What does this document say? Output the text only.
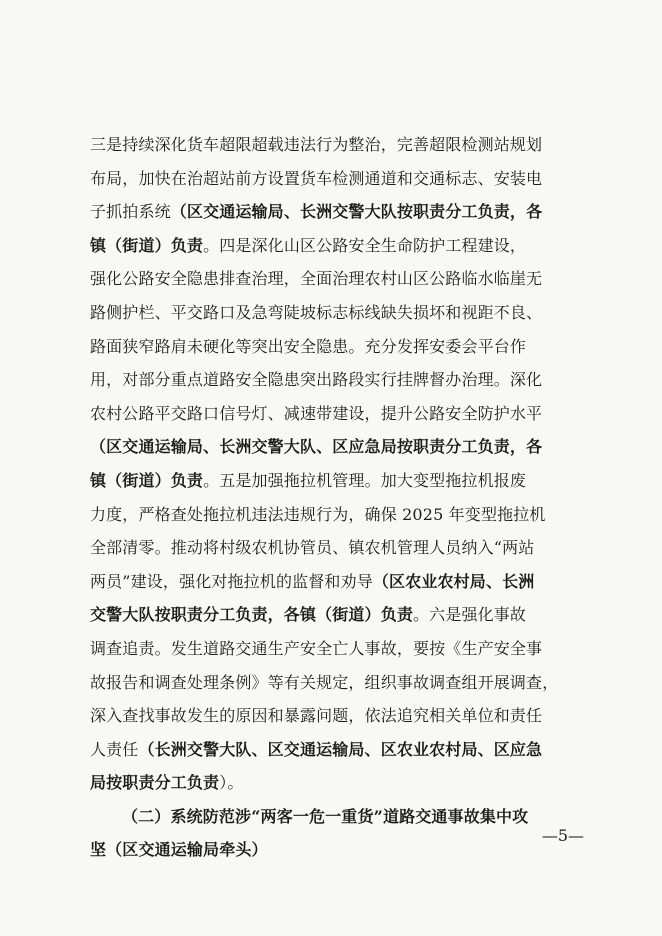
三是持续深化货车超限超载违法行为整治，完善超限检测站规划
布局，加快在治超站前方设置货车检测通道和交通标志、安装电
子抓拍系统（区交通运输局、长洲交警大队按职责分工负责，各
镇（街道）负责。四是深化山区公路安全生命防护工程建设，
强化公路安全隐患排查治理，全面治理农村山区公路临水临崖无
路侧护栏、平交路口及急弯陡坡标志标线缺失损坏和视距不良、
路面狭窄路肩未硬化等突出安全隐患。充分发挥安委会平台作
用，对部分重点道路安全隐患突出路段实行挂牌督办治理。深化
农村公路平交路口信号灯、减速带建设，提升公路安全防护水平
（区交通运输局、长洲交警大队、区应急局按职责分工负责，各
镇（街道）负责。五是加强拖拉机管理。加大变型拖拉机报废
力度，严格查处拖拉机违法违规行为，确保 2025 年变型拖拉机
全部清零。推动将村级农机协管员、镇农机管理人员纳入“两站
两员”建设，强化对拖拉机的监督和劝导（区农业农村局、长洲
交警大队按职责分工负责，各镇（街道）负责。六是强化事故
调查追责。发生道路交通生产安全亡人事故，要按《生产安全事
故报告和调查处理条例》等有关规定，组织事故调查组开展调查，
深入查找事故发生的原因和暴露问题，依法追究相关单位和责任
人责任（长洲交警大队、区交通运输局、区农业农村局、区应急
局按职责分工负责）。
（二）系统防范涉“两客一危一重货”道路交通事故集中攻
坚（区交通运输局牵头）
—5—
